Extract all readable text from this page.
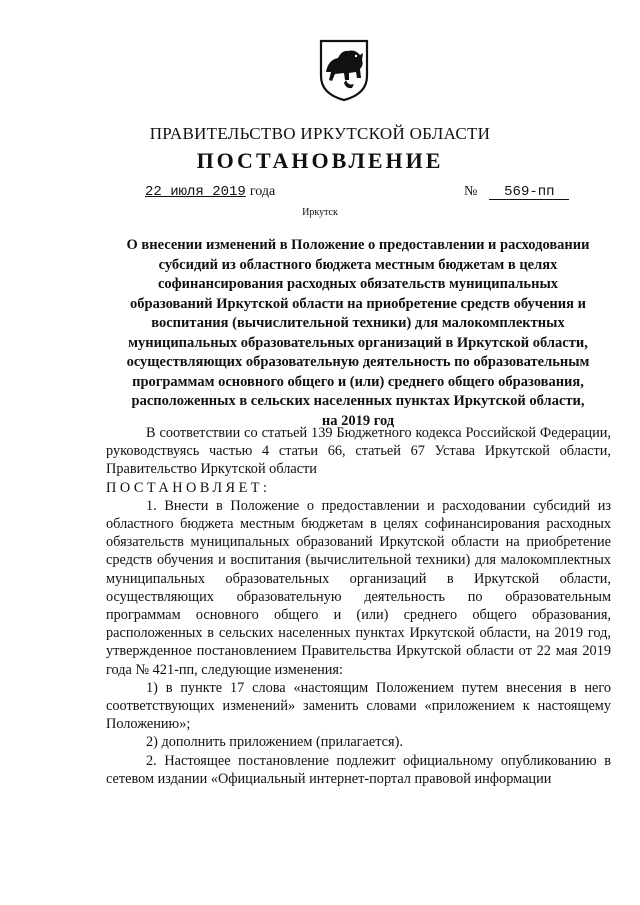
ПРАВИТЕЛЬСТВО ИРКУТСКОЙ ОБЛАСТИ
ПОСТАНОВЛЕНИЕ
22 июля 2019 года	№ 569-пп
Иркутск
О внесении изменений в Положение о предоставлении и расходовании
субсидий из областного бюджета местным бюджетам в целях
софинансирования расходных обязательств муниципальных
образований Иркутской области на приобретение средств обучения и
воспитания (вычислительной техники) для малокомплектных
муниципальных образовательных организаций в Иркутской области,
осуществляющих образовательную деятельность по образовательным
программам основного общего и (или) среднего общего образования,
расположенных в сельских населенных пунктах Иркутской области,
на 2019 год

В соответствии со статьей 139 Бюджетного кодекса Российской Федерации, руководствуясь частью 4 статьи 66, статьей 67 Устава Иркутской области, Правительство Иркутской области

ПОСТАНОВЛЯЕТ:

1. Внести в Положение о предоставлении и расходовании субсидий из областного бюджета местным бюджетам в целях софинансирования расходных обязательств муниципальных образований Иркутской области на приобретение средств обучения и воспитания (вычислительной техники) для малокомплектных муниципальных образовательных организаций в Иркутской области, осуществляющих образовательную деятельность по образовательным программам основного общего и (или) среднего общего образования, расположенных в сельских населенных пунктах Иркутской области, на 2019 год, утвержденное постановлением Правительства Иркутской области от 22 мая 2019 года № 421-пп, следующие изменения:

1) в пункте 17 слова «настоящим Положением путем внесения в него соответствующих изменений» заменить словами «приложением к настоящему Положению»;

2) дополнить приложением (прилагается).

2. Настоящее постановление подлежит официальному опубликованию в сетевом издании «Официальный интернет-портал правовой информации
